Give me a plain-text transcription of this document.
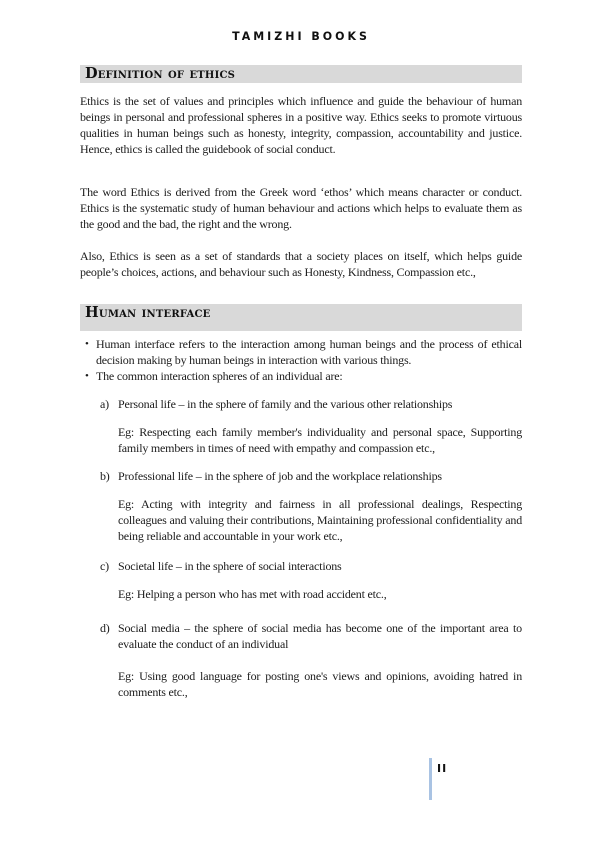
TAMIZHI BOOKS
Definition of ethics

Ethics is the set of values and principles which influence and guide the behaviour of human beings in personal and professional spheres in a positive way. Ethics seeks to promote virtuous qualities in human beings such as honesty, integrity, compassion, accountability and justice. Hence, ethics is called the guidebook of social conduct.

The word Ethics is derived from the Greek word ‘ethos’ which means character or conduct. Ethics is the systematic study of human behaviour and actions which helps to evaluate them as the good and the bad, the right and the wrong.

Also, Ethics is seen as a set of standards that a society places on itself, which helps guide people’s choices, actions, and behaviour such as Honesty, Kindness, Compassion etc.,

Human interface
• Human interface refers to the interaction among human beings and the process of ethical decision making by human beings in interaction with various things.
• The common interaction spheres of an individual are:
a) Personal life – in the sphere of family and the various other relationships

Eg: Respecting each family member's individuality and personal space, Supporting family members in times of need with empathy and compassion etc.,

b) Professional life – in the sphere of job and the workplace relationships

Eg: Acting with integrity and fairness in all professional dealings, Respecting colleagues and valuing their contributions, Maintaining professional confidentiality and being reliable and accountable in your work etc.,

c) Societal life – in the sphere of social interactions

Eg: Helping a person who has met with road accident etc.,

d) Social media – the sphere of social media has become one of the important area to evaluate the conduct of an individual

Eg: Using good language for posting one's views and opinions, avoiding hatred in comments etc.,

II
